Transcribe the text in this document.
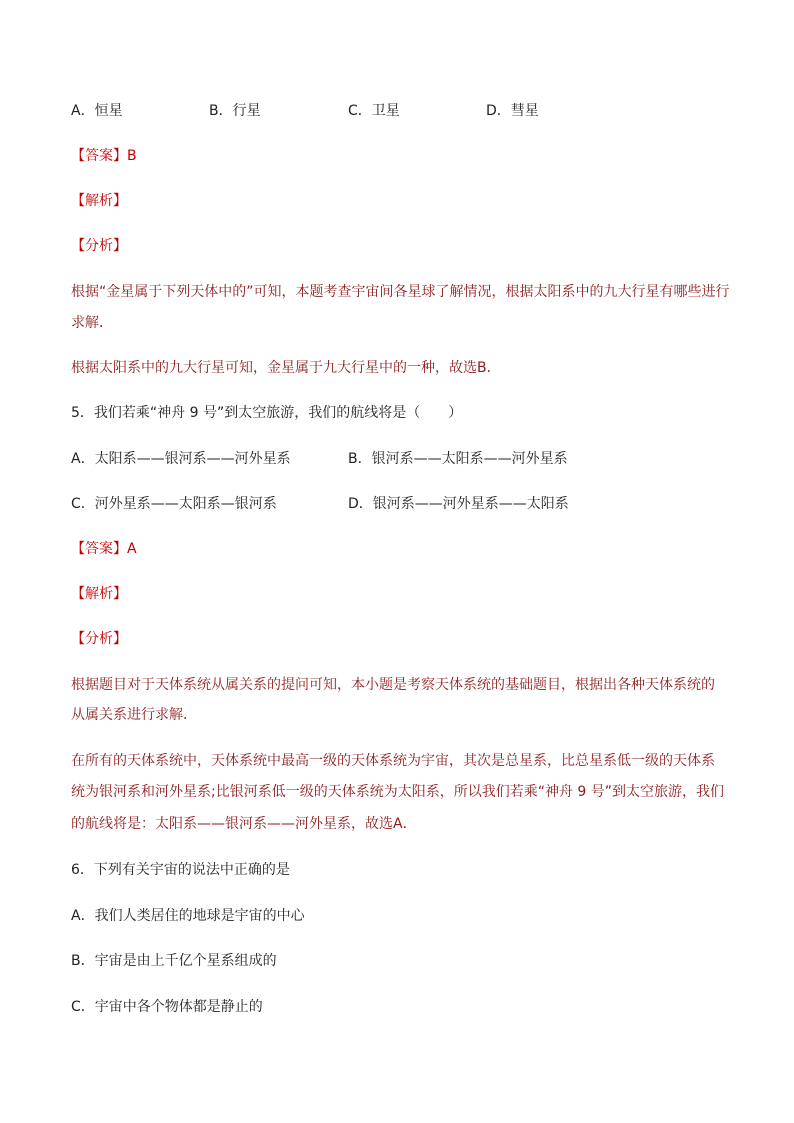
A．恒星	B．行星	C．卫星	D．彗星
【答案】B
【解析】
【分析】
根据“金星属于下列天体中的”可知，本题考查宇宙间各星球了解情况，根据太阳系中的九大行星有哪些进行
求解．
根据太阳系中的九大行星可知，金星属于九大行星中的一种，故选B．
5．我们若乘“神舟 9 号”到太空旅游，我们的航线将是（　　）
A．太阳系——银河系——河外星系	B．银河系——太阳系——河外星系
C．河外星系——太阳系—银河系	D．银河系——河外星系——太阳系
【答案】A
【解析】
【分析】
根据题目对于天体系统从属关系的提问可知，本小题是考察天体系统的基础题目，根据出各种天体系统的
从属关系进行求解．
在所有的天体系统中，天体系统中最高一级的天体系统为宇宙，其次是总星系，比总星系低一级的天体系
统为银河系和河外星系;比银河系低一级的天体系统为太阳系，所以我们若乘“神舟 9 号”到太空旅游，我们
的航线将是：太阳系——银河系——河外星系，故选A．
6．下列有关宇宙的说法中正确的是
A．我们人类居住的地球是宇宙的中心
B．宇宙是由上千亿个星系组成的
C．宇宙中各个物体都是静止的
